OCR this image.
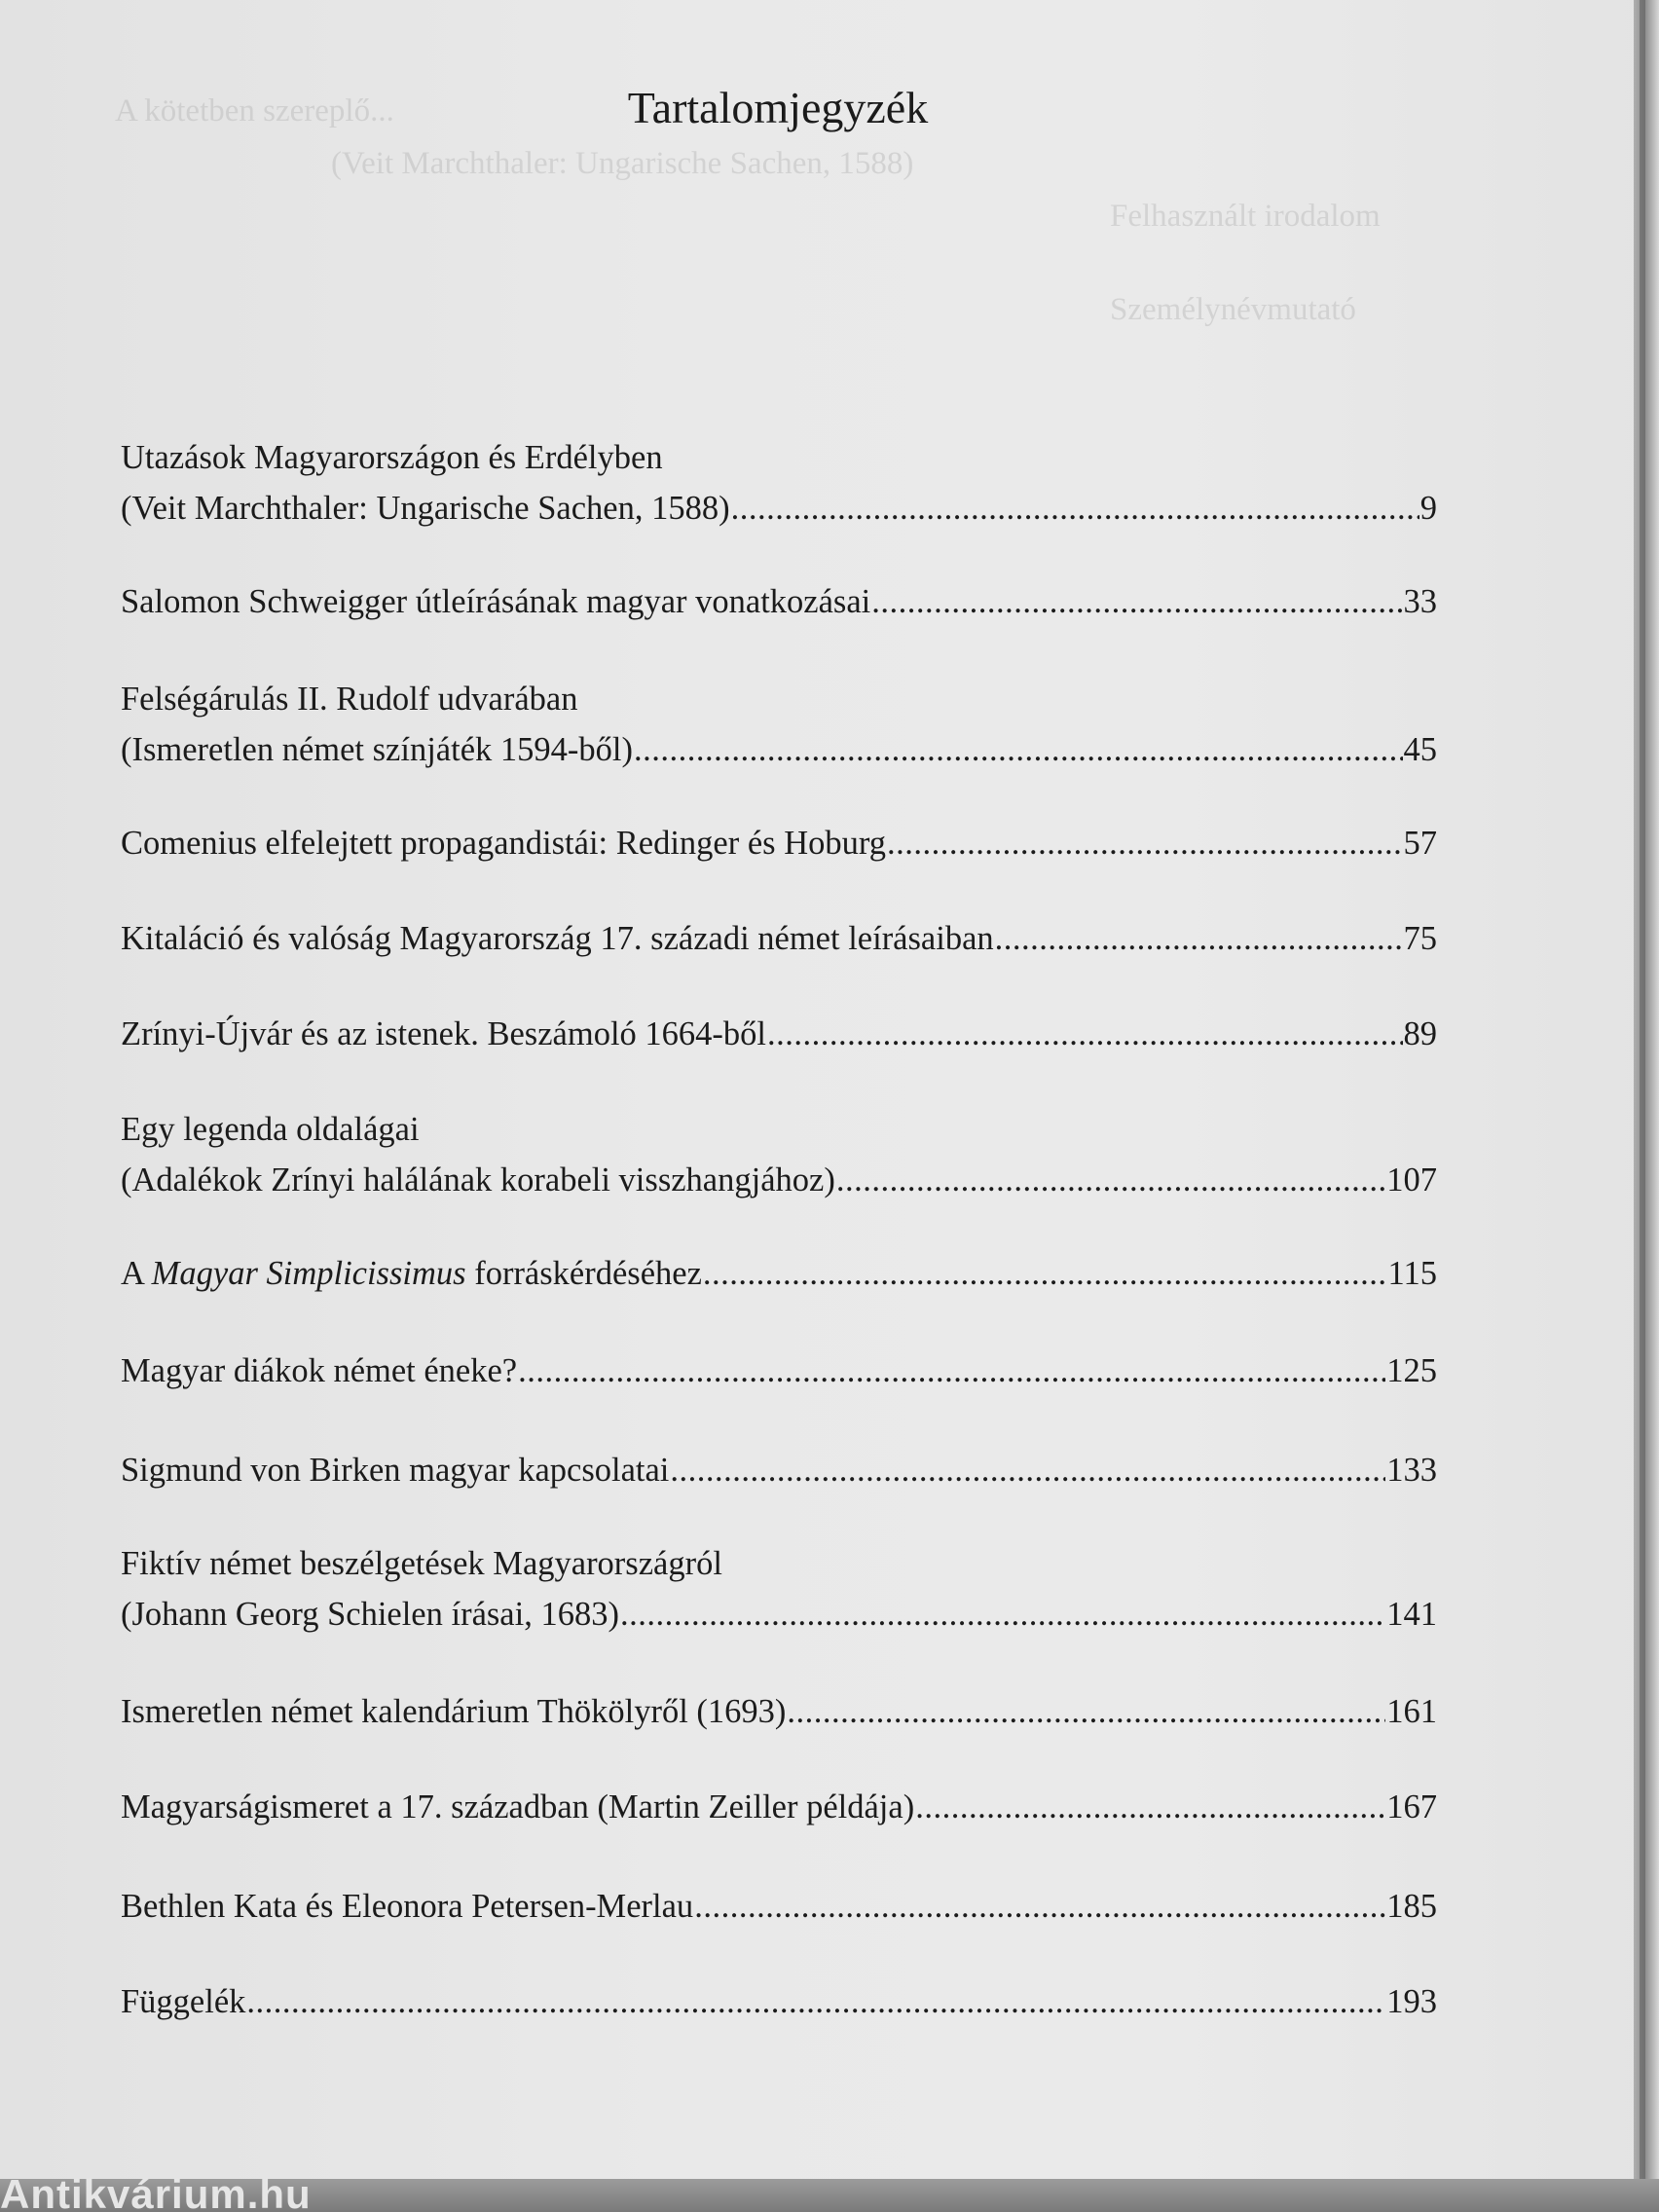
A kötetben szereplő...
(Veit Marchthaler: Ungarische Sachen, 1588)
Felhasznált irodalom
Személynévmutató
Tartalomjegyzék
Utazások Magyarországon és Erdélyben
(Veit Marchthaler: Ungarische Sachen, 1588) .....	9
Salomon Schweigger útleírásának magyar vonatkozásai .....	33
Felségárulás II. Rudolf udvarában
(Ismeretlen német színjáték 1594-ből) .....	45
Comenius elfelejtett propagandistái: Redinger és Hoburg .....	57
Kitaláció és valóság Magyarország 17. századi német leírásaiban .....	75
Zrínyi-Újvár és az istenek. Beszámoló 1664-ből .....	89
Egy legenda oldalágai
(Adalékok Zrínyi halálának korabeli visszhangjához) .....	107
A Magyar Simplicissimus forráskérdéséhez .....	115
Magyar diákok német éneke? .....	125
Sigmund von Birken magyar kapcsolatai .....	133
Fiktív német beszélgetések Magyarországról
(Johann Georg Schielen írásai, 1683) .....	141
Ismeretlen német kalendárium Thökölyről (1693) .....	161
Magyarságismeret a 17. században (Martin Zeiller példája) .....	167
Bethlen Kata és Eleonora Petersen-Merlau .....	185
Függelék .....	193
Antikvárium.hu
